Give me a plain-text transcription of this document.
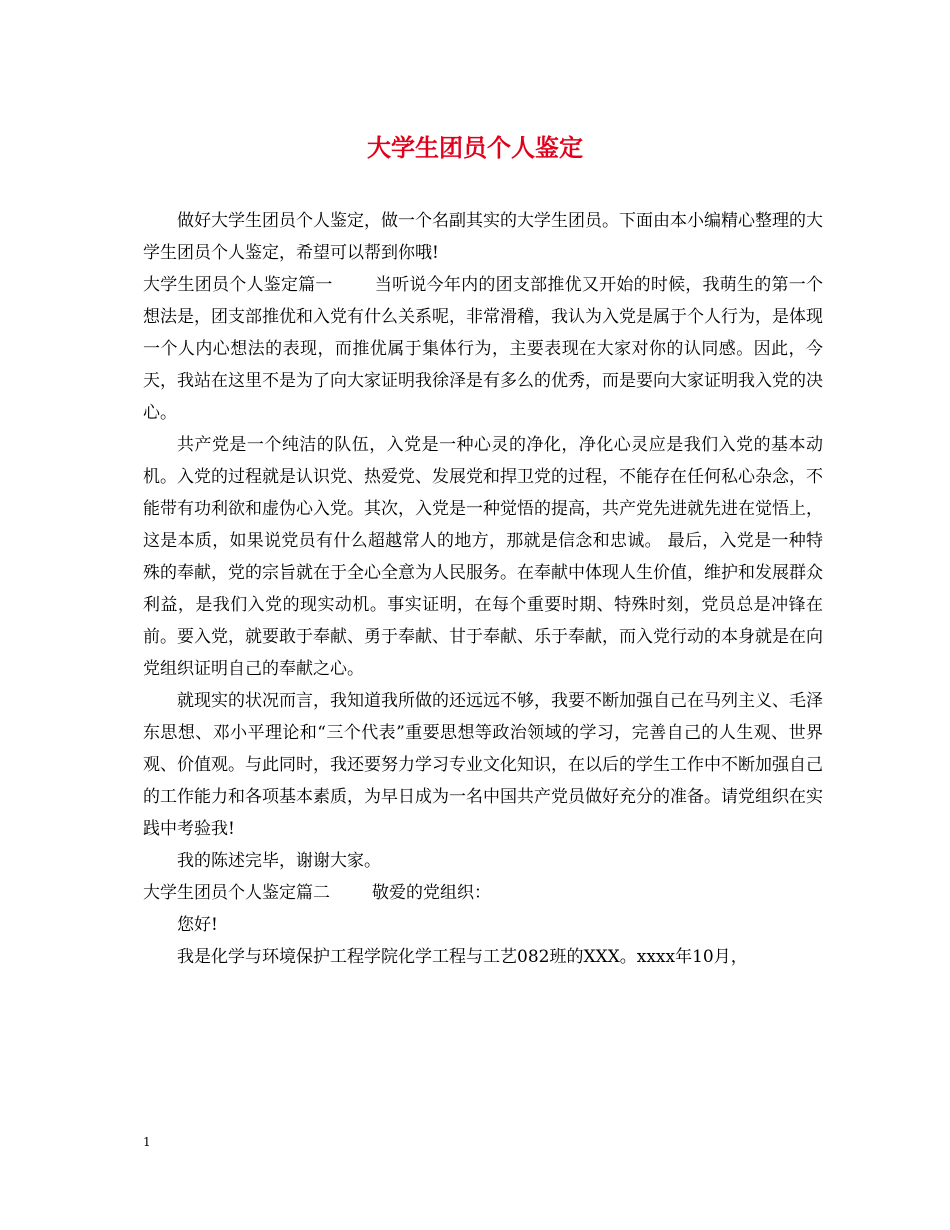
大学生团员个人鉴定

做好大学生团员个人鉴定，做一个名副其实的大学生团员。下面由本小编精心整理的大学生团员个人鉴定，希望可以帮到你哦!

大学生团员个人鉴定篇一 当听说今年内的团支部推优又开始的时候，我萌生的第一个想法是，团支部推优和入党有什么关系呢，非常滑稽，我认为入党是属于个人行为，是体现一个人内心想法的表现，而推优属于集体行为，主要表现在大家对你的认同感。因此，今天，我站在这里不是为了向大家证明我徐泽是有多么的优秀，而是要向大家证明我入党的决心。

共产党是一个纯洁的队伍，入党是一种心灵的净化，净化心灵应是我们入党的基本动机。入党的过程就是认识党、热爱党、发展党和捍卫党的过程，不能存在任何私心杂念，不能带有功利欲和虚伪心入党。其次，入党是一种觉悟的提高，共产党先进就先进在觉悟上，这是本质，如果说党员有什么超越常人的地方，那就是信念和忠诚。 最后，入党是一种特殊的奉献，党的宗旨就在于全心全意为人民服务。在奉献中体现人生价值，维护和发展群众利益，是我们入党的现实动机。事实证明，在每个重要时期、特殊时刻，党员总是冲锋在前。要入党，就要敢于奉献、勇于奉献、甘于奉献、乐于奉献，而入党行动的本身就是在向党组织证明自己的奉献之心。

就现实的状况而言，我知道我所做的还远远不够，我要不断加强自己在马列主义、毛泽东思想、邓小平理论和“三个代表”重要思想等政治领域的学习，完善自己的人生观、世界观、价值观。与此同时，我还要努力学习专业文化知识，在以后的学生工作中不断加强自己的工作能力和各项基本素质，为早日成为一名中国共产党员做好充分的准备。请党组织在实践中考验我!

我的陈述完毕，谢谢大家。

大学生团员个人鉴定篇二 敬爱的党组织：

您好!

我是化学与环境保护工程学院化学工程与工艺082班的XXX。xxxx年10月，

1
